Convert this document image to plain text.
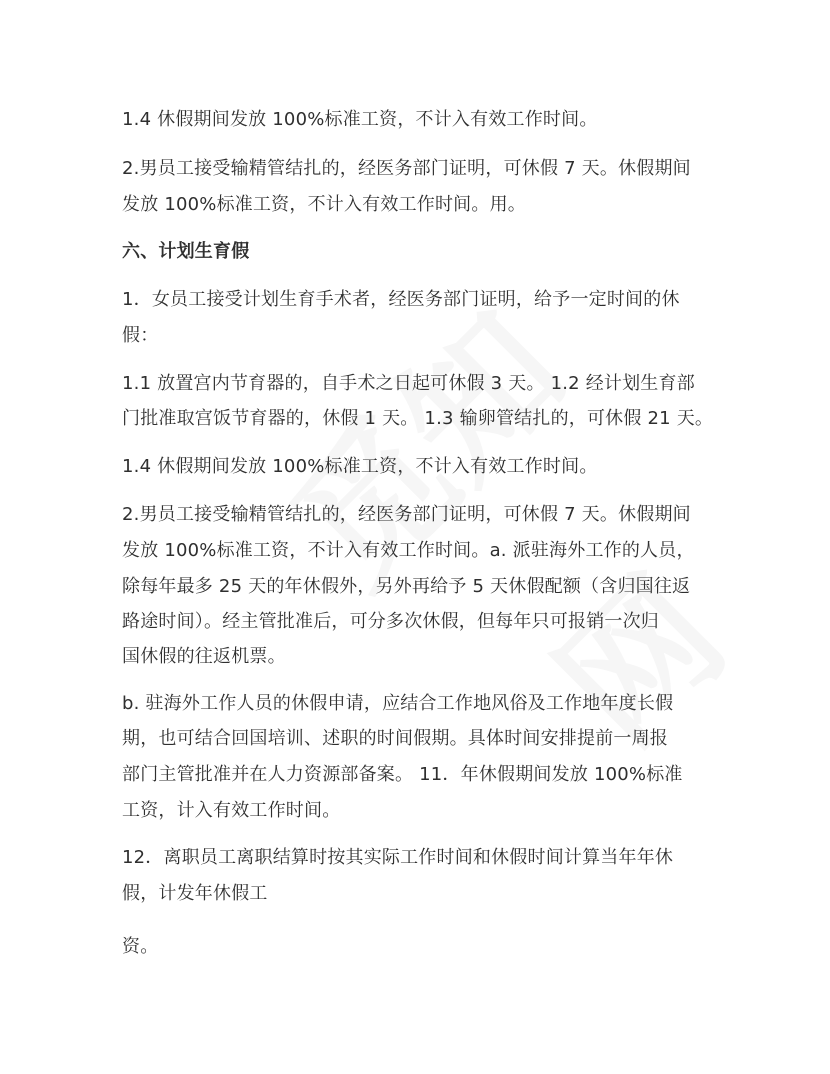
1.4 休假期间发放 100%标准工资，不计入有效工作时间。

2.男员工接受输精管结扎的，经医务部门证明，可休假 7 天。休假期间

发放 100%标准工资，不计入有效工作时间。用。

六、计划生育假

1．女员工接受计划生育手术者，经医务部门证明，给予一定时间的休

假：

1.1 放置宫内节育器的，自手术之日起可休假 3 天。 1.2 经计划生育部

门批准取宫饭节育器的，休假 1 天。 1.3 输卵管结扎的，可休假 21 天。

1.4 休假期间发放 100%标准工资，不计入有效工作时间。

2.男员工接受输精管结扎的，经医务部门证明，可休假 7 天。休假期间

发放 100%标准工资，不计入有效工作时间。a. 派驻海外工作的人员，

除每年最多 25 天的年休假外，另外再给予 5 天休假配额（含归国往返

路途时间）。经主管批准后，可分多次休假，但每年只可报销一次归

国休假的往返机票。

b. 驻海外工作人员的休假申请，应结合工作地风俗及工作地年度长假

期，也可结合回国培训、述职的时间假期。具体时间安排提前一周报

部门主管批准并在人力资源部备案。 11．年休假期间发放 100%标准

工资，计入有效工作时间。

12．离职员工离职结算时按其实际工作时间和休假时间计算当年年休

假，计发年休假工

资。
